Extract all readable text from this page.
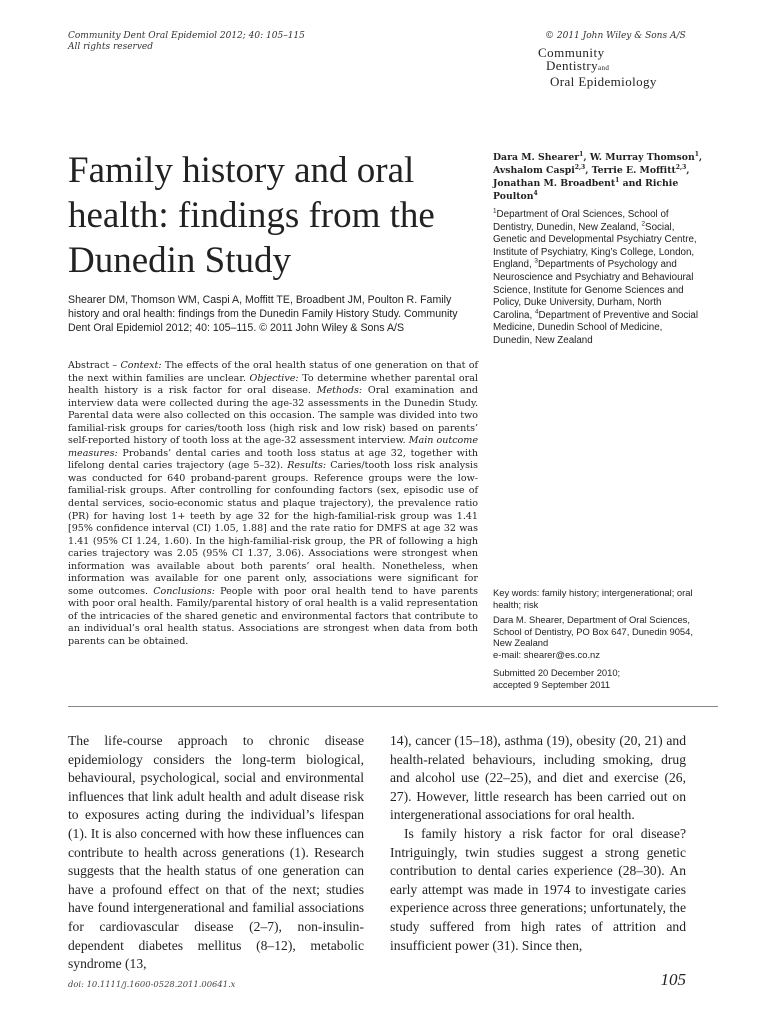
Community Dent Oral Epidemiol 2012; 40: 105–115
All rights reserved
© 2011 John Wiley & Sons A/S
Community
Dentistryand
Oral Epidemiology
Family history and oral health: findings from the Dunedin Study
Shearer DM, Thomson WM, Caspi A, Moffitt TE, Broadbent JM, Poulton R. Family history and oral health: findings from the Dunedin Family History Study. Community Dent Oral Epidemiol 2012; 40: 105–115. © 2011 John Wiley & Sons A/S
Abstract – Context: The effects of the oral health status of one generation on that of the next within families are unclear. Objective: To determine whether parental oral health history is a risk factor for oral disease. Methods: Oral examination and interview data were collected during the age-32 assessments in the Dunedin Study. Parental data were also collected on this occasion. The sample was divided into two familial-risk groups for caries/tooth loss (high risk and low risk) based on parents’ self-reported history of tooth loss at the age-32 assessment interview. Main outcome measures: Probands’ dental caries and tooth loss status at age 32, together with lifelong dental caries trajectory (age 5–32). Results: Caries/tooth loss risk analysis was conducted for 640 proband-parent groups. Reference groups were the low-familial-risk groups. After controlling for confounding factors (sex, episodic use of dental services, socio-economic status and plaque trajectory), the prevalence ratio (PR) for having lost 1+ teeth by age 32 for the high-familial-risk group was 1.41 [95% confidence interval (CI) 1.05, 1.88] and the rate ratio for DMFS at age 32 was 1.41 (95% CI 1.24, 1.60). In the high-familial-risk group, the PR of following a high caries trajectory was 2.05 (95% CI 1.37, 3.06). Associations were strongest when information was available about both parents’ oral health. Nonetheless, when information was available for one parent only, associations were significant for some outcomes. Conclusions: People with poor oral health tend to have parents with poor oral health. Family/parental history of oral health is a valid representation of the intricacies of the shared genetic and environmental factors that contribute to an individual’s oral health status. Associations are strongest when data from both parents can be obtained.
Dara M. Shearer$^1$, W. Murray Thomson$^1$, Avshalom Caspi$^{2,3}$, Terrie E. Moffitt$^{2,3}$, Jonathan M. Broadbent$^1$ and Richie Poulton$^4$
$^1$Department of Oral Sciences, School of Dentistry, Dunedin, New Zealand, $^2$Social, Genetic and Developmental Psychiatry Centre, Institute of Psychiatry, King’s College, London, England, $^3$Departments of Psychology and Neuroscience and Psychiatry and Behavioural Science, Institute for Genome Sciences and Policy, Duke University, Durham, North Carolina, $^4$Department of Preventive and Social Medicine, Dunedin School of Medicine, Dunedin, New Zealand
Key words: family history; intergenerational; oral health; risk
Dara M. Shearer, Department of Oral Sciences, School of Dentistry, PO Box 647, Dunedin 9054, New Zealand
e-mail: shearer@es.co.nz
Submitted 20 December 2010;
accepted 9 September 2011

The life-course approach to chronic disease epidemiology considers the long-term biological, behavioural, psychological, social and environmental influences that link adult health and adult disease risk to exposures acting during the individual’s lifespan (1). It is also concerned with how these influences can contribute to health across generations (1). Research suggests that the health status of one generation can have a profound effect on that of the next; studies have found intergenerational and familial associations for cardiovascular disease (2–7), non-insulin-dependent diabetes mellitus (8–12), metabolic syndrome (13,

14), cancer (15–18), asthma (19), obesity (20, 21) and health-related behaviours, including smoking, drug and alcohol use (22–25), and diet and exercise (26, 27). However, little research has been carried out on intergenerational associations for oral health.

Is family history a risk factor for oral disease? Intriguingly, twin studies suggest a strong genetic contribution to dental caries experience (28–30). An early attempt was made in 1974 to investigate caries experience across three generations; unfortunately, the study suffered from high rates of attrition and insufficient power (31). Since then,

doi: 10.1111/j.1600-0528.2011.00641.x	105
